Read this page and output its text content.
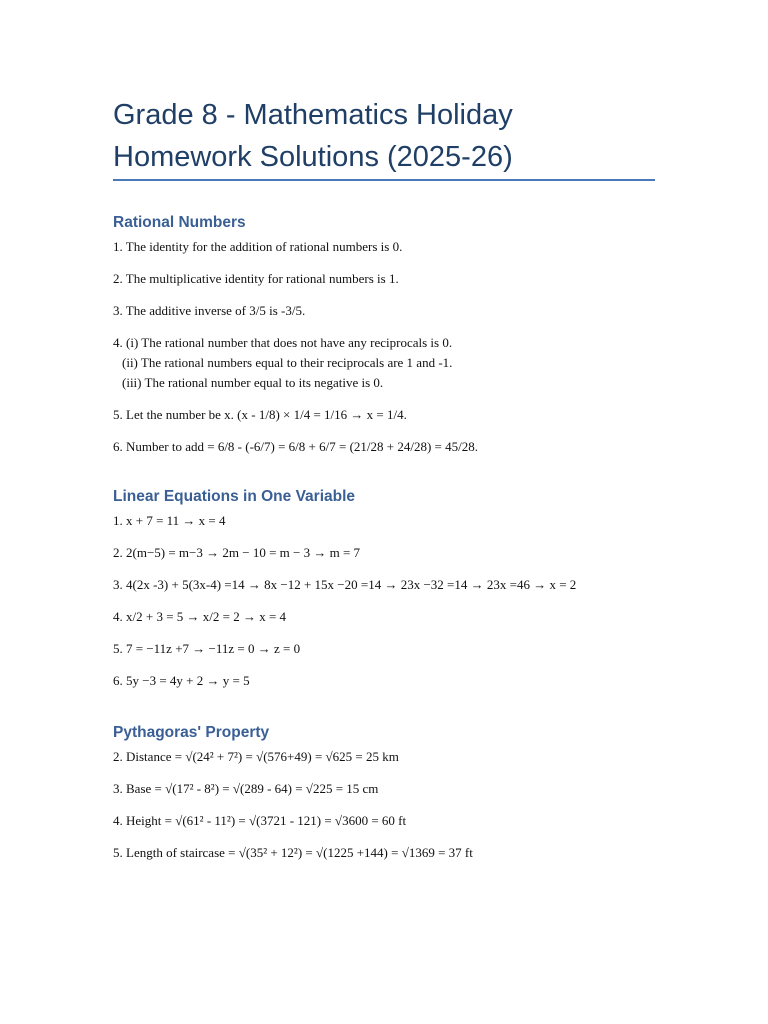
Grade 8 - Mathematics Holiday
Homework Solutions (2025-26)
Rational Numbers
1. The identity for the addition of rational numbers is 0.
2. The multiplicative identity for rational numbers is 1.
3. The additive inverse of 3/5 is -3/5.
4. (i) The rational number that does not have any reciprocals is 0.
(ii) The rational numbers equal to their reciprocals are 1 and -1.
(iii) The rational number equal to its negative is 0.
5. Let the number be x. (x - 1/8) × 1/4 = 1/16 → x = 1/4.
6. Number to add = 6/8 - (-6/7) = 6/8 + 6/7 = (21/28 + 24/28) = 45/28.
Linear Equations in One Variable
1. x + 7 = 11 → x = 4
2. 2(m−5) = m−3 → 2m − 10 = m − 3 → m = 7
3. 4(2x -3) + 5(3x-4) =14 → 8x −12 + 15x −20 =14 → 23x −32 =14 → 23x =46 → x = 2
4. x/2 + 3 = 5 → x/2 = 2 → x = 4
5. 7 = −11z +7 → −11z = 0 → z = 0
6. 5y −3 = 4y + 2 → y = 5
Pythagoras' Property
2. Distance = √(24² + 7²) = √(576+49) = √625 = 25 km
3. Base = √(17² - 8²) = √(289 - 64) = √225 = 15 cm
4. Height = √(61² - 11²) = √(3721 - 121) = √3600 = 60 ft
5. Length of staircase = √(35² + 12²) = √(1225 +144) = √1369 = 37 ft
